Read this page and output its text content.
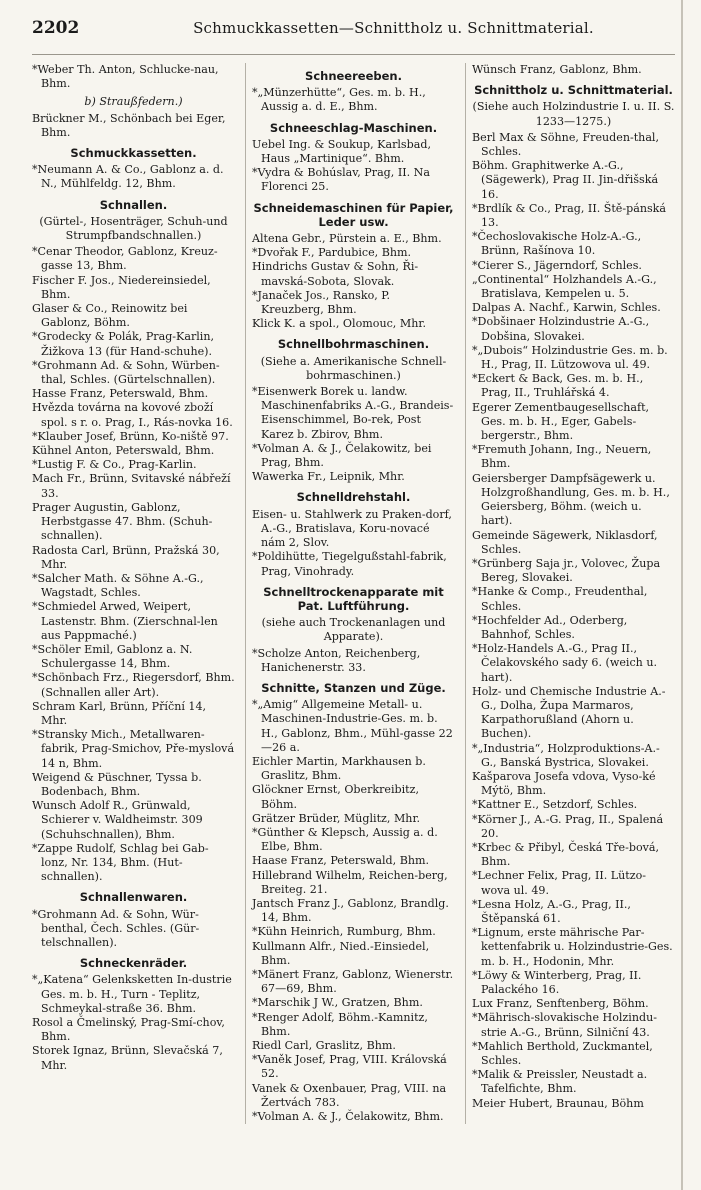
2202	Schmuckkassetten—Schnittholz u. Schnittmaterial.

*Weber Th. Anton, Schlucke-nau, Bhm.

b) Straußfedern.)

Brückner M., Schönbach bei Eger, Bhm.

Schmuckkassetten.

*Neumann A. & Co., Gablonz a. d. N., Mühlfeldg. 12, Bhm.

Schnallen.

(Gürtel-, Hosenträger, Schuh-und Strumpfbandschnallen.)

*Cenar Theodor, Gablonz, Kreuz-gasse 13, Bhm.

Fischer F. Jos., Niedereinsiedel, Bhm.

Glaser & Co., Reinowitz bei Gablonz, Böhm.

*Grodecky & Polák, Prag-Karlin, Žižkova 13 (für Hand-schuhe).

*Grohmann Ad. & Sohn, Würben-thal, Schles. (Gürtelschnallen).

Hasse Franz, Peterswald, Bhm.

Hvězda továrna na kovové zboží spol. s r. o. Prag, I., Rás-novka 16.

*Klauber Josef, Brünn, Ko-niště 97.

Kühnel Anton, Peterswald, Bhm.

*Lustig F. & Co., Prag-Karlin.

Mach Fr., Brünn, Svitavské nábřeží 33.

Prager Augustin, Gablonz, Herbstgasse 47. Bhm. (Schuh-schnallen).

Radosta Carl, Brünn, Pražská 30, Mhr.

*Salcher Math. & Söhne A.-G., Wagstadt, Schles.

*Schmiedel Arwed, Weipert, Lastenstr. Bhm. (Zierschnal-len aus Pappmaché.)

*Schöler Emil, Gablonz a. N. Schulergasse 14, Bhm.

*Schönbach Frz., Riegersdorf, Bhm. (Schnallen aller Art).

Schram Karl, Brünn, Příční 14, Mhr.

*Stransky Mich., Metallwaren-fabrik, Prag-Smichov, Pře-myslová 14 n, Bhm.

Weigend & Püschner, Tyssa b. Bodenbach, Bhm.

Wunsch Adolf R., Grünwald, Schierer v. Waldheimstr. 309 (Schuhschnallen), Bhm.

*Zappe Rudolf, Schlag bei Gab-lonz, Nr. 134, Bhm. (Hut-schnallen).

Schnallenwaren.

*Grohmann Ad. & Sohn, Wür-benthal, Čech. Schles. (Gür-telschnallen).

Schneckenräder.

*„Katena“ Gelenksketten In-dustrie Ges. m. b. H., Turn - Teplitz, Schmeykal-straße 36. Bhm.

Rosol a Čmelinský, Prag-Smí-chov, Bhm.

Storek Ignaz, Brünn, Slevačská 7, Mhr.

Schneereeben.

*„Münzerhütte“, Ges. m. b. H., Aussig a. d. E., Bhm.

Schneeschlag-Maschinen.

Uebel Ing. & Soukup, Karlsbad, Haus „Martinique“. Bhm.

*Vydra & Bohúslav, Prag, II. Na Florenci 25.

Schneidemaschinen für Papier, Leder usw.

Altena Gebr., Pürstein a. E., Bhm.

*Dvořak F., Pardubice, Bhm.

Hindrichs Gustav & Sohn, Ři-mavská-Sobota, Slovak.

*Janaček Jos., Ransko, P. Kreuzberg, Bhm.

Klick K. a spol., Olomouc, Mhr.

Schnellbohrmaschinen.

(Siehe a. Amerikanische Schnell-bohrmaschinen.)

*Eisenwerk Borek u. landw. Maschinenfabriks A.-G., Brandeis-Eisenschimmel, Bo-rek, Post Karez b. Zbirov, Bhm.

*Volman A. & J., Čelakowitz, bei Prag, Bhm.

Wawerka Fr., Leipnik, Mhr.

Schnelldrehstahl.

Eisen- u. Stahlwerk zu Praken-dorf, A.-G., Bratislava, Koru-novacé nám 2, Slov.

*Poldihütte, Tiegelgußstahl-fabrik, Prag, Vinohrady.

Schnelltrockenapparate mit Pat. Luftführung.

(siehe auch Trockenanlagen und Apparate).

*Scholze Anton, Reichenberg, Hanichenerstr. 33.

Schnitte, Stanzen und Züge.

*„Amig“ Allgemeine Metall- u. Maschinen-Industrie-Ges. m. b. H., Gablonz, Bhm., Mühl-gasse 22—26 a.

Eichler Martin, Markhausen b. Graslitz, Bhm.

Glöckner Ernst, Oberkreibitz, Böhm.

Grätzer Brüder, Müglitz, Mhr.

*Günther & Klepsch, Aussig a. d. Elbe, Bhm.

Haase Franz, Peterswald, Bhm.

Hillebrand Wilhelm, Reichen-berg, Breiteg. 21.

Jantsch Franz J., Gablonz, Brandlg. 14, Bhm.

*Kühn Heinrich, Rumburg, Bhm.

Kullmann Alfr., Nied.-Einsiedel, Bhm.

*Mänert Franz, Gablonz, Wienerstr. 67—69, Bhm.

*Marschik J W., Gratzen, Bhm.

*Renger Adolf, Böhm.-Kamnitz, Bhm.

Riedl Carl, Graslitz, Bhm.

*Vaněk Josef, Prag, VIII. Královská 52.

Vanek & Oxenbauer, Prag, VIII. na Žertvách 783.

*Volman A. & J., Čelakowitz, Bhm.

Wünsch Franz, Gablonz, Bhm.

Schnittholz u. Schnittmaterial.

(Siehe auch Holzindustrie I. u. II. S. 1233—1275.)

Berl Max & Söhne, Freuden-thal, Schles.

Böhm. Graphitwerke A.-G., (Sägewerk), Prag II. Jin-dřišská 16.

*Brdlík & Co., Prag, II. Ště-pánská 13.

*Čechoslovakische Holz-A.-G., Brünn, Rašínova 10.

*Cierer S., Jägerndorf, Schles.

„Continental“ Holzhandels A.-G., Bratislava, Kempelen u. 5.

Dalpas A. Nachf., Karwin, Schles.

*Dobšinaer Holzindustrie A.-G., Dobšina, Slovakei.

*„Dubois“ Holzindustrie Ges. m. b. H., Prag, II. Lützowova ul. 49.

*Eckert & Back, Ges. m. b. H., Prag, II., Truhlářská 4.

Egerer Zementbaugesellschaft, Ges. m. b. H., Eger, Gabels-bergerstr., Bhm.

*Fremuth Johann, Ing., Neuern, Bhm.

Geiersberger Dampfsägewerk u. Holzgroßhandlung, Ges. m. b. H., Geiersberg, Böhm. (weich u. hart).

Gemeinde Sägewerk, Niklasdorf, Schles.

*Grünberg Saja jr., Volovec, Župa Bereg, Slovakei.

*Hanke & Comp., Freudenthal, Schles.

*Hochfelder Ad., Oderberg, Bahnhof, Schles.

*Holz-Handels A.-G., Prag II., Čelakovského sady 6. (weich u. hart).

Holz- und Chemische Industrie A.-G., Dolha, Župa Marmaros, Karpathorußland (Ahorn u. Buchen).

*„Industria“, Holzproduktions-A.-G., Banská Bystrica, Slovakei.

Kašparova Josefa vdova, Vyso-ké Mýtö, Bhm.

*Kattner E., Setzdorf, Schles.

*Körner J., A.-G. Prag, II., Spalená 20.

*Krbec & Přibyl, Česká Tře-bová, Bhm.

*Lechner Felix, Prag, II. Lützo-wova ul. 49.

*Lesna Holz, A.-G., Prag, II., Štěpanská 61.

*Lignum, erste mährische Par-kettenfabrik u. Holzindustrie-Ges. m. b. H., Hodonin, Mhr.

*Löwy & Winterberg, Prag, II. Palackého 16.

Lux Franz, Senftenberg, Böhm.

*Mährisch-slovakische Holzindu-strie A.-G., Brünn, Silniční 43.

*Mahlich Berthold, Zuckmantel, Schles.

*Malik & Preissler, Neustadt a. Tafelfichte, Bhm.

Meier Hubert, Braunau, Böhm
